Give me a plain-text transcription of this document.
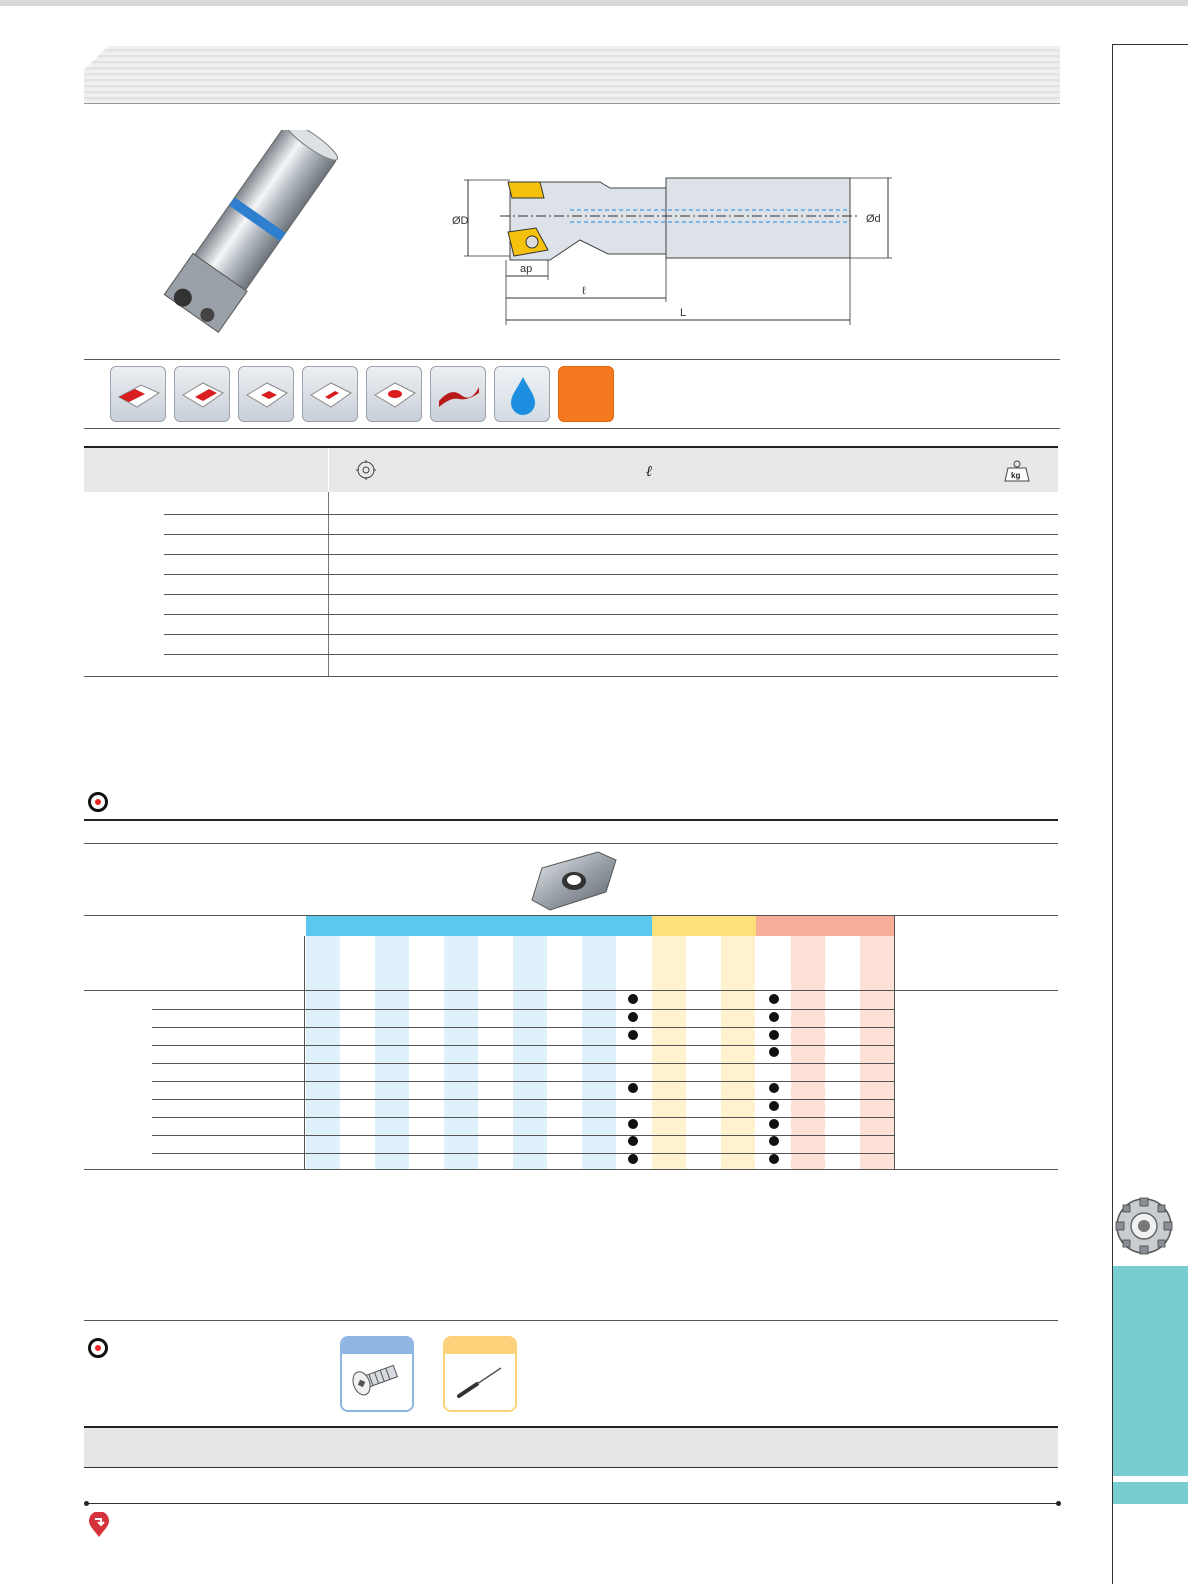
ØD	Ød
ap
ℓ
L
ℓ	kg
